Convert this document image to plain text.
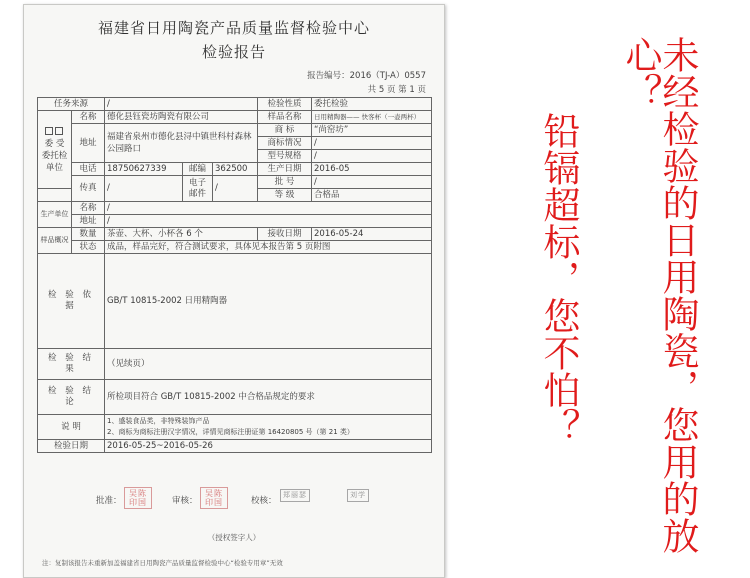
福建省日用陶瓷产品质量监督检验中心
检验报告
报告编号：2016（TJ-A）0557
共 5 页 第 1 页
任务来源		/			检验性质	委托检验

委 受
委托检单位	名称	德化县钰瓷坊陶瓷有限公司			样品名称	日用精陶器—— 快客杯（一壶两杯）
	地址	福建省泉州市德化县浔中镇世科村森林公园路口			商 标	“尚窑坊”
					商标情况	/
					型号规格	/
	电话	18750627339	邮编	362500	生产日期	2016-05
	传真	/	电子邮件	/	批 号	/
					等 级	合格品
生产单位	名称	/				
	地址	/				
样品概况	数量	茶壶、大杯、小杯各 6 个			接收日期	2016-05-24
	状态	成品，样品完好，符合测试要求，具体见本报告第 5 页附图				
检 验 依 据		GB/T 10815-2002 日用精陶器				
检 验 结 果		（见续页）				
检 验 结 论		所检项目符合 GB/T 10815-2002 中合格品规定的要求				
说 明		1、盛装食品类，非特殊装饰产品
2、商标为商标注册汉字情况，详情见商标注册证第 16420805 号（第 21 类）				

检验日期		2016-05-25~2016-05-26				
批准：
吴陈 印国	审核：
吴陈 印国	校核：
郑丽瑟	刘学
（授权签字人）
注：复制该报告未重新加盖福建省日用陶瓷产品质量监督检验中心“检验专用章”无效
未经检验的日用陶瓷，您用的放心？
铅镉超标，您不怕？
